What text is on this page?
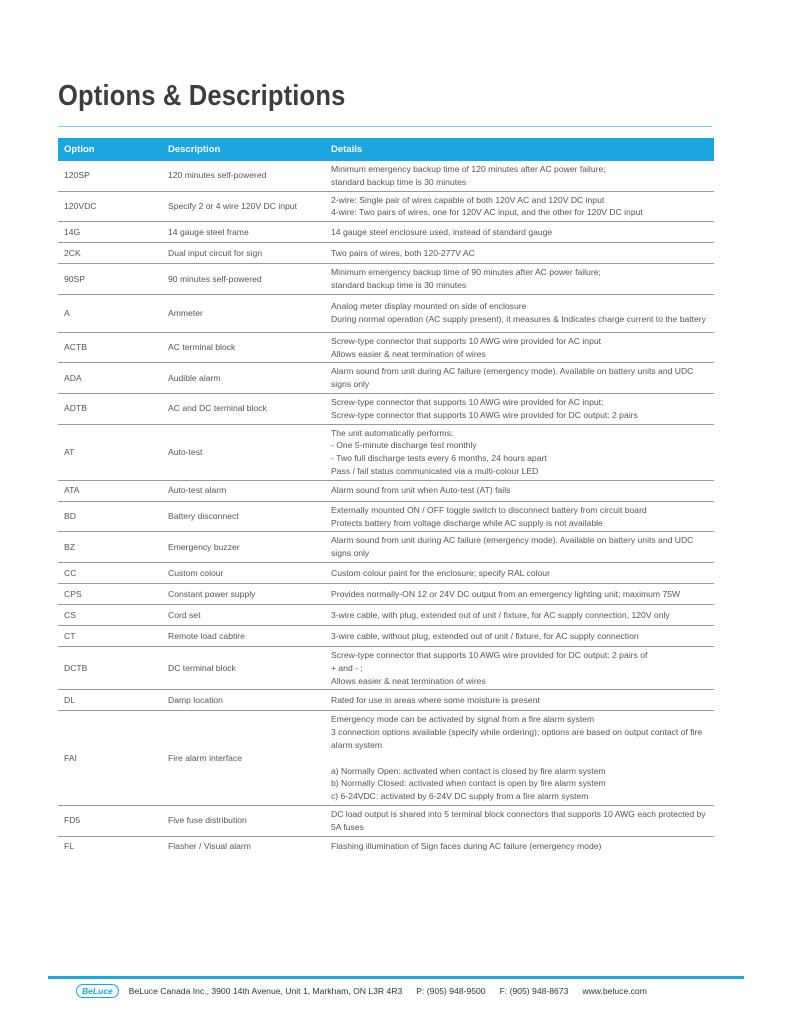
Options & Descriptions
Option	Description	Details
120SP	120 minutes self-powered	Minimum emergency backup time of 120 minutes after AC power failure;
standard backup time is 30 minutes
120VDC	Specify 2 or 4 wire 120V DC input	2-wire: Single pair of wires capable of both 120V AC and 120V DC input
4-wire: Two pairs of wires, one for 120V AC input, and the other for 120V DC input
14G	14 gauge steel frame	14 gauge steel enclosure used, instead of standard gauge
2CK	Dual input circuit for sign	Two pairs of wires, both 120-277V AC
90SP	90 minutes self-powered	Minimum emergency backup time of 90 minutes after AC power failure;
standard backup time is 30 minutes
A	Ammeter	Analog meter display mounted on side of enclosure
During normal operation (AC supply present), it measures & Indicates charge current to the battery
ACTB	AC terminal block	Screw-type connector that supports 10 AWG wire provided for AC input
Allows easier & neat termination of wires
ADA	Audible alarm	Alarm sound from unit during AC failure (emergency mode). Available on battery units and UDC signs only
ADTB	AC and DC terminal block	Screw-type connector that supports 10 AWG wire provided for AC input;
Screw-type connector that supports 10 AWG wire provided for DC output: 2 pairs
AT	Auto-test	The unit automatically performs:
- One 5-minute discharge test monthly
- Two full discharge tests every 6 months, 24 hours apart
Pass / fail status communicated via a multi-colour LED
ATA	Auto-test alarm	Alarm sound from unit when Auto-test (AT) fails
BD	Battery disconnect	Externally mounted ON / OFF toggle switch to disconnect battery from circuit board
Protects battery from voltage discharge while AC supply is not available
BZ	Emergency buzzer	Alarm sound from unit during AC failure (emergency mode). Available on battery units and UDC signs only
CC	Custom colour	Custom colour paint for the enclosure; specify RAL colour
CPS	Constant power supply	Provides normally-ON 12 or 24V DC output from an emergency lighting unit; maximum 75W
CS	Cord set	3-wire cable, with plug, extended out of unit / fixture, for AC supply connection, 120V only
CT	Remote load cabtire	3-wire cable, without plug, extended out of unit / fixture, for AC supply connection
DCTB	DC terminal block	Screw-type connector that supports 10 AWG wire provided for DC output: 2 pairs of
+ and - ;
Allows easier & neat termination of wires
DL	Damp location	Rated for use in areas where some moisture is present
FAI	Fire alarm interface	Emergency mode can be activated by signal from a fire alarm system
3 connection options available (specify while ordering); options are based on output contact of fire alarm system

a) Normally Open: activated when contact is closed by fire alarm system
b) Normally Closed: activated when contact is open by fire alarm system
c) 6-24VDC: activated by 6-24V DC supply from a fire alarm system
FD5	Five fuse distribution	DC load output is shared into 5 terminal block connectors that supports 10 AWG each protected by 5A fuses
FL	Flasher / Visual alarm	Flashing illumination of Sign faces during AC failure (emergency mode)
BeLuce	BeLuce Canada Inc., 3900 14th Avenue, Unit 1, Markham, ON L3R 4R3 P: (905) 948-9500 F: (905) 948-8673 www.beluce.com
